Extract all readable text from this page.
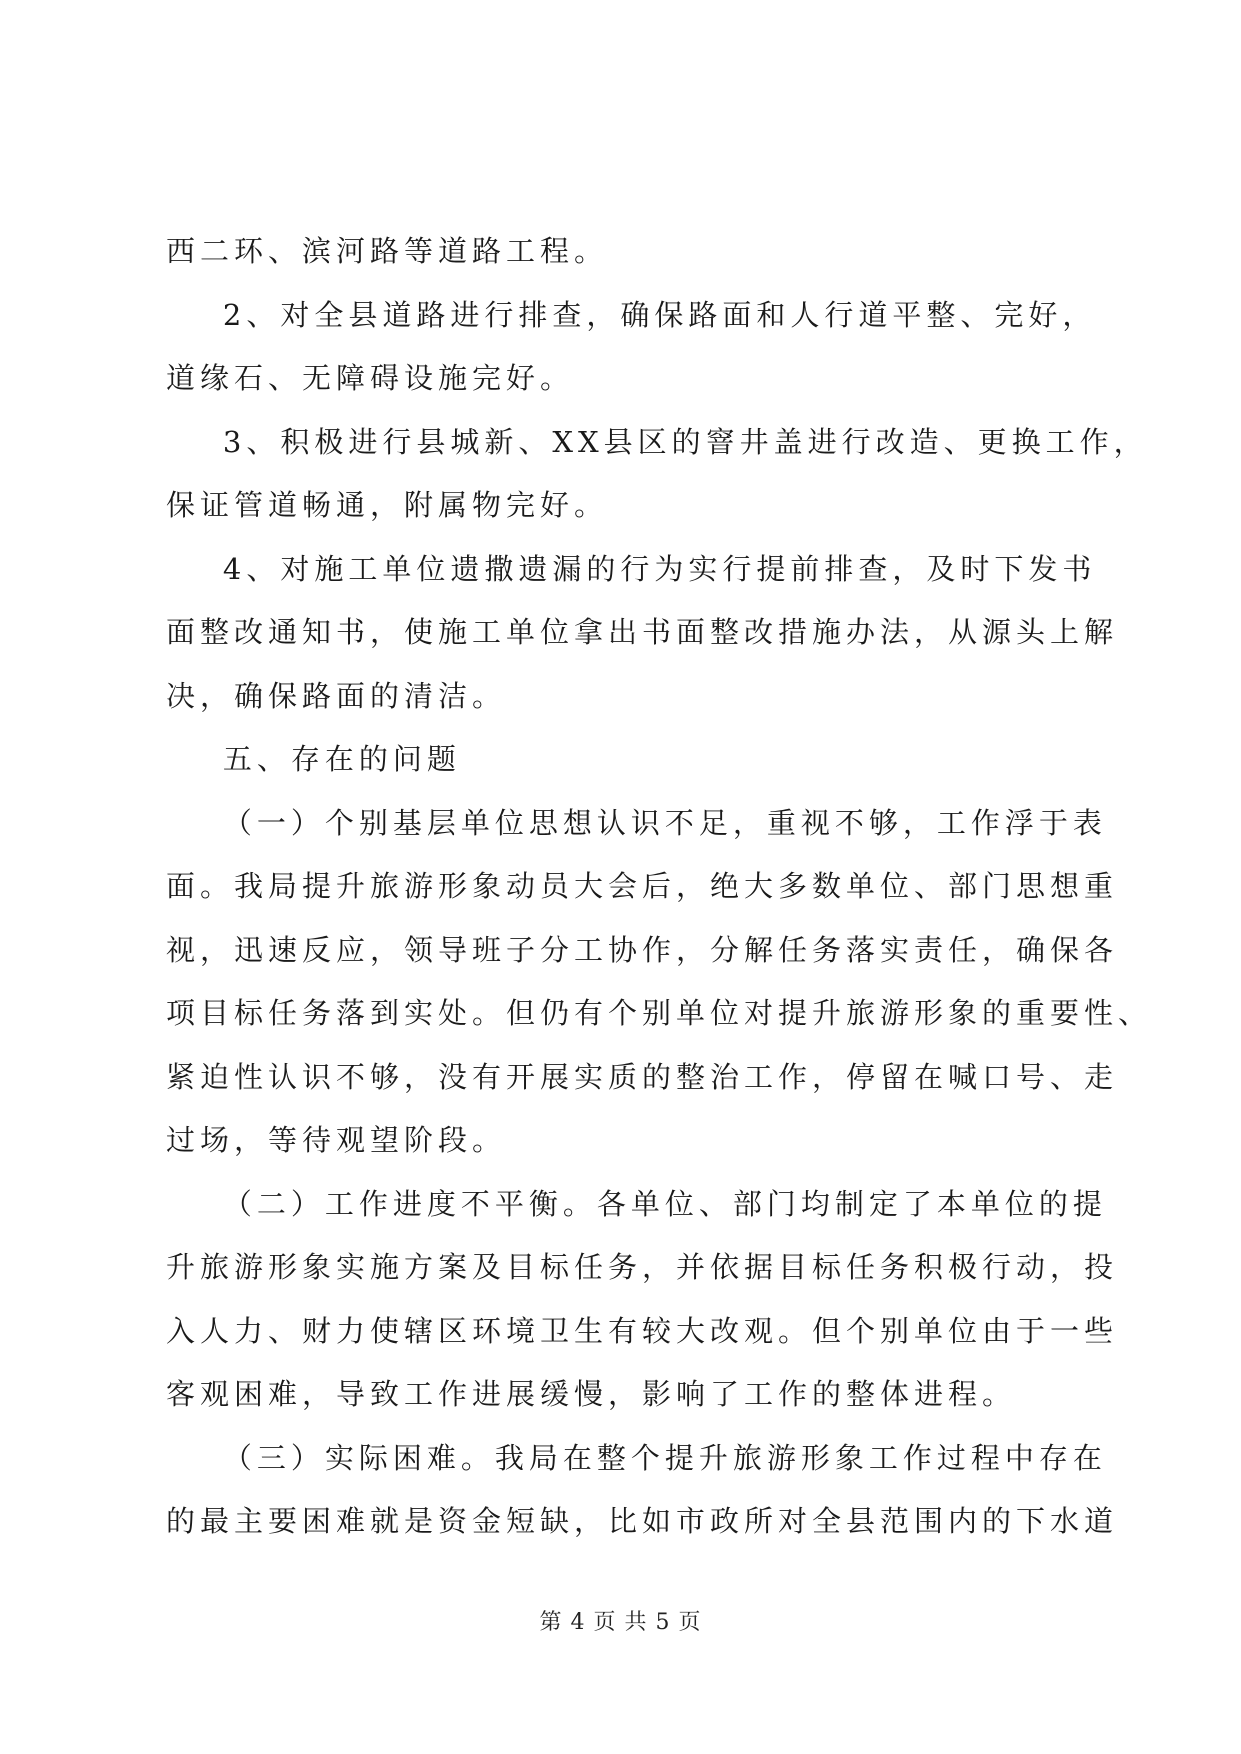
西二环、滨河路等道路工程。
2、对全县道路进行排查，确保路面和人行道平整、完好，
道缘石、无障碍设施完好。
3、积极进行县城新、XX县区的窨井盖进行改造、更换工作，
保证管道畅通，附属物完好。
4、对施工单位遗撒遗漏的行为实行提前排查，及时下发书
面整改通知书，使施工单位拿出书面整改措施办法，从源头上解
决，确保路面的清洁。
五、存在的问题
（一）个别基层单位思想认识不足，重视不够，工作浮于表
面。我局提升旅游形象动员大会后，绝大多数单位、部门思想重
视，迅速反应，领导班子分工协作，分解任务落实责任，确保各
项目标任务落到实处。但仍有个别单位对提升旅游形象的重要性、
紧迫性认识不够，没有开展实质的整治工作，停留在喊口号、走
过场，等待观望阶段。
（二）工作进度不平衡。各单位、部门均制定了本单位的提
升旅游形象实施方案及目标任务，并依据目标任务积极行动，投
入人力、财力使辖区环境卫生有较大改观。但个别单位由于一些
客观困难，导致工作进展缓慢，影响了工作的整体进程。
（三）实际困难。我局在整个提升旅游形象工作过程中存在
的最主要困难就是资金短缺，比如市政所对全县范围内的下水道
第 4 页 共 5 页
